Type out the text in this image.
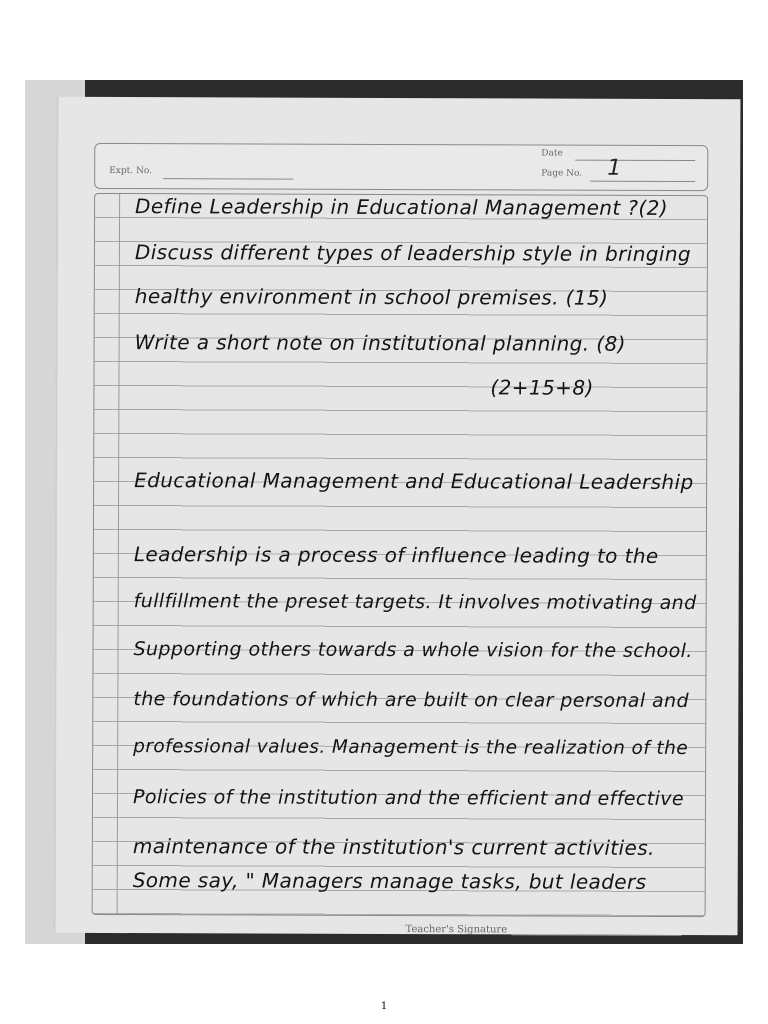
Expt. No.
Date
Page No. 1
Define Leadership in Educational Management ?(2)
Discuss different types of leadership style in bringing
healthy environment in school premises. (15)
Write a short note on institutional planning. (8)
(2+15+8)
Educational Management and Educational Leadership
Leadership is a process of influence leading to the
fullfillment the preset targets. It involves motivating and
Supporting others towards a whole vision for the school.
the foundations of which are built on clear personal and
professional values. Management is the realization of the
Policies of the institution and the efficient and effective
maintenance of the institution's current activities.
Some say, " Managers manage tasks, but leaders
Teacher's Signature
1
